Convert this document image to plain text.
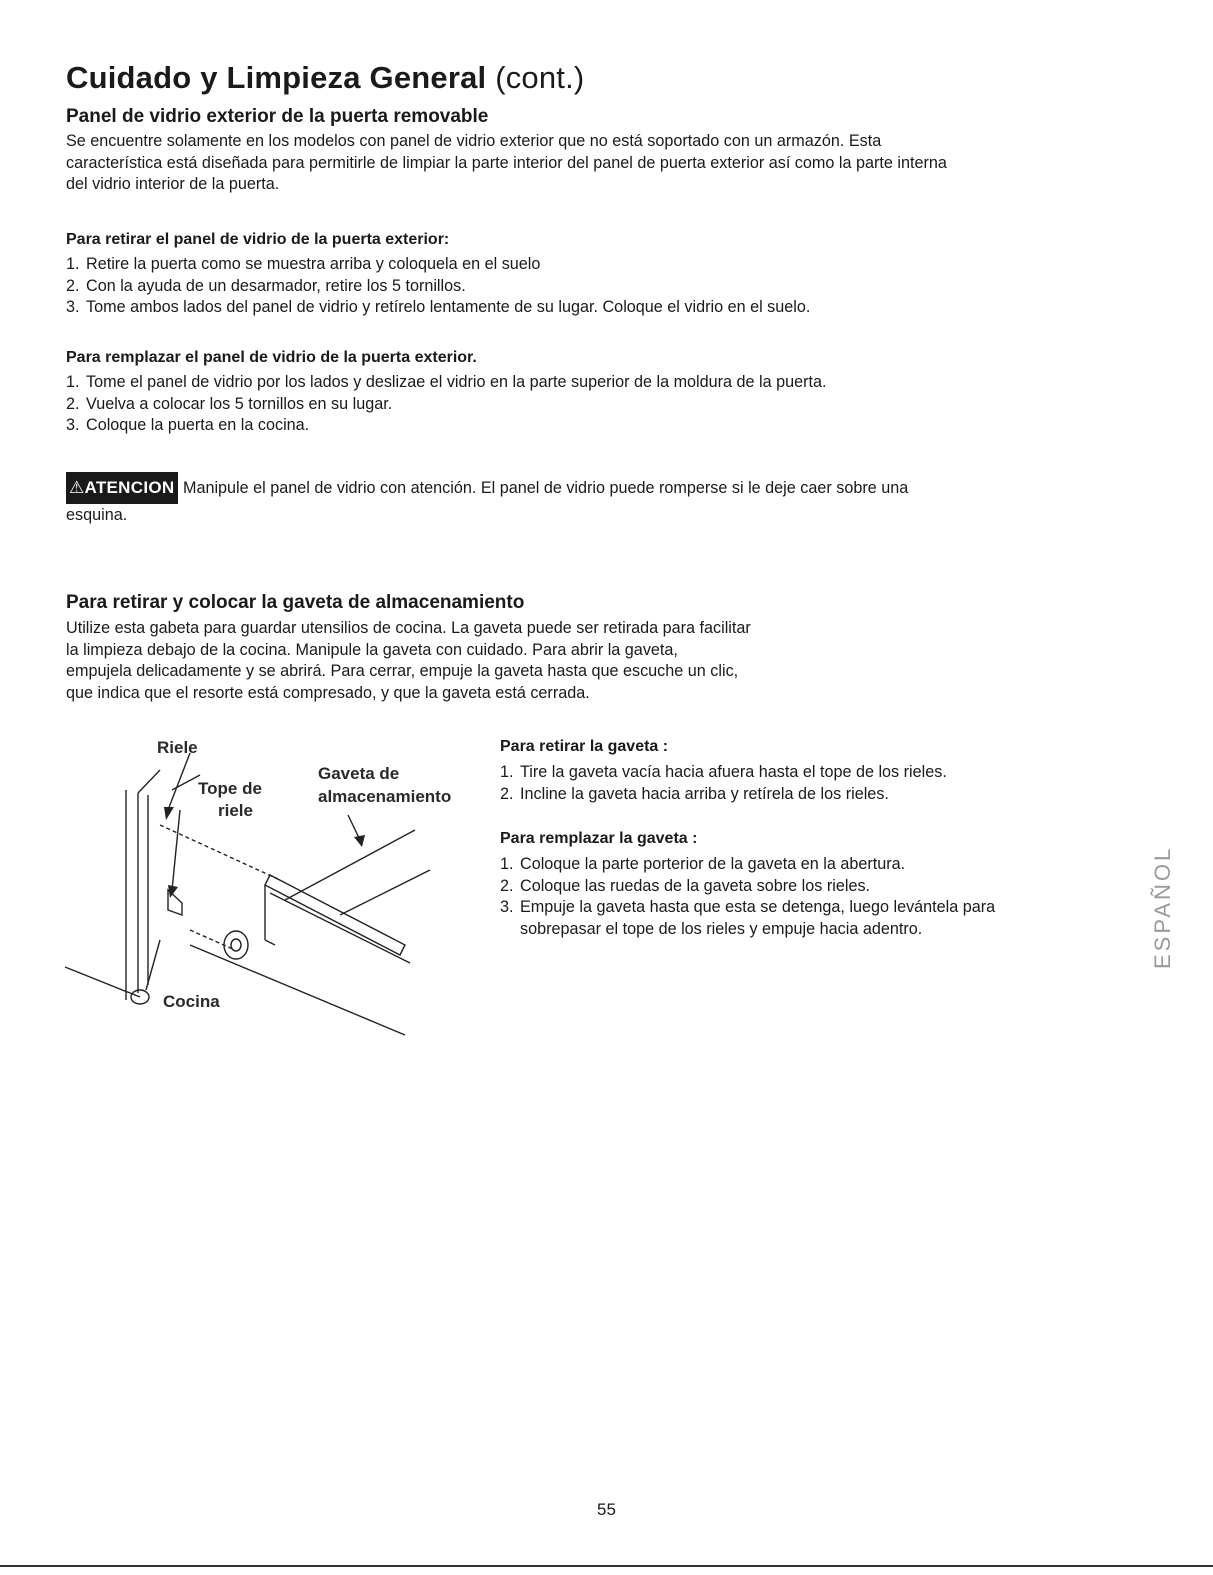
Cuidado y Limpieza General (cont.)
Panel de vidrio exterior de la puerta removable
Se encuentre solamente en los modelos con panel de vidrio exterior que no está soportado con un armazón. Esta
característica está diseñada para permitirle de limpiar la parte interior del panel de puerta exterior así como la parte interna
del vidrio interior de la puerta.
Para retirar el panel de vidrio de la puerta exterior:
1. Retire la puerta como se muestra arriba y coloquela en el suelo
2. Con la ayuda de un desarmador, retire los 5 tornillos.
3. Tome ambos lados del panel de vidrio y retírelo lentamente de su lugar. Coloque el vidrio en el suelo.
Para remplazar el panel de vidrio de la puerta exterior.
1. Tome el panel de vidrio por los lados y deslizae el vidrio en la parte superior de la moldura de la puerta.
2. Vuelva a colocar los 5 tornillos en su lugar.
3. Coloque la puerta en la cocina.
⚠ATENCION Manipule el panel de vidrio con atención. El panel de vidrio puede romperse si le deje caer sobre una
esquina.
Para retirar y colocar la gaveta de almacenamiento
Utilize esta gabeta para guardar utensilios de cocina. La gaveta puede ser retirada para facilitar
la limpieza debajo de la cocina. Manipule la gaveta con cuidado. Para abrir la gaveta,
empujela delicadamente y se abrirá. Para cerrar, empuje la gaveta hasta que escuche un clic,
que indica que el resorte está compresado, y que la gaveta está cerrada.
Riele
Tope de
riele
Gaveta de
almacenamiento
Cocina
Para retirar la gaveta :
1. Tire la gaveta vacía hacia afuera hasta el tope de los rieles.
2. Incline la gaveta hacia arriba y retírela de los rieles.
Para remplazar la gaveta :
1. Coloque la parte porterior de la gaveta en la abertura.
2. Coloque las ruedas de la gaveta sobre los rieles.
3. Empuje la gaveta hasta que esta se detenga, luego levántela para
sobrepasar el tope de los rieles y empuje hacia adentro.	ESPAÑOL
55
